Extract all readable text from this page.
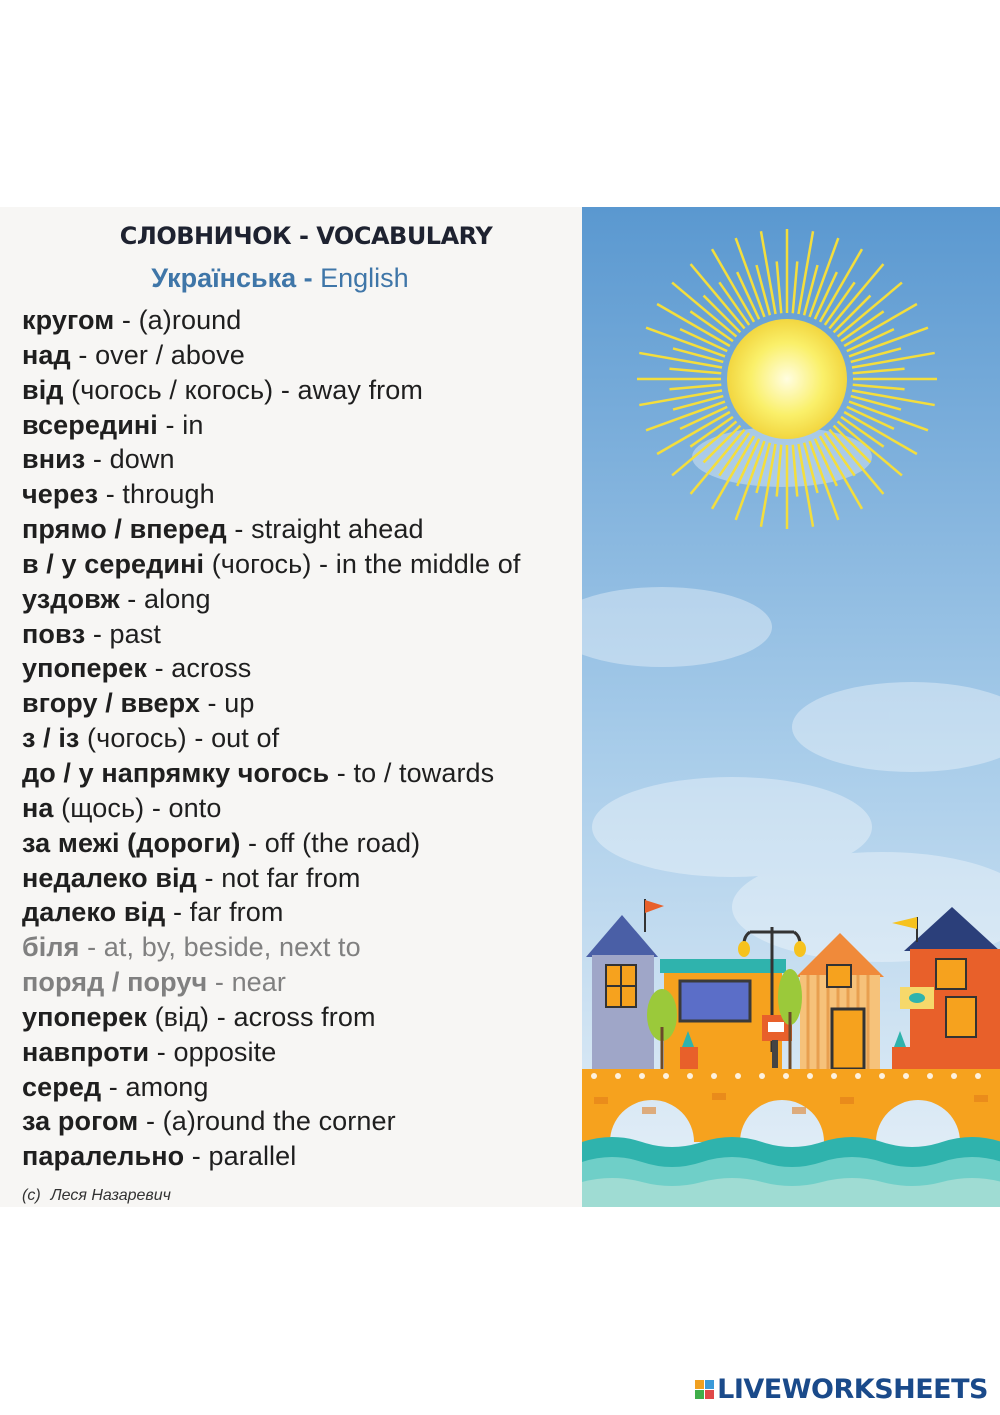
СЛОВНИЧОК - VOCABULARY
Українська - English
кругом - (a)round
над - over / above
від (чогось / когось) - away from
всередині - in
вниз - down
через - through
прямо / вперед - straight ahead
в / у середині (чогось) - in the middle of
уздовж - along
повз - past
упоперек - across
вгору / вверх - up
з / із (чогось) - out of
до / у напрямку чогось - to / towards
на (щось) - onto
за межі (дороги) - off (the road)
недалеко від - not far from
далеко від - far from
біля - at, by, beside, next to
поряд / поруч - near
упоперек (від) - across from
навпроти - opposite
серед - among
за рогом - (a)round the corner
паралельно - parallel
(c) Леся Назаревич
LIVEWORKSHEETS
